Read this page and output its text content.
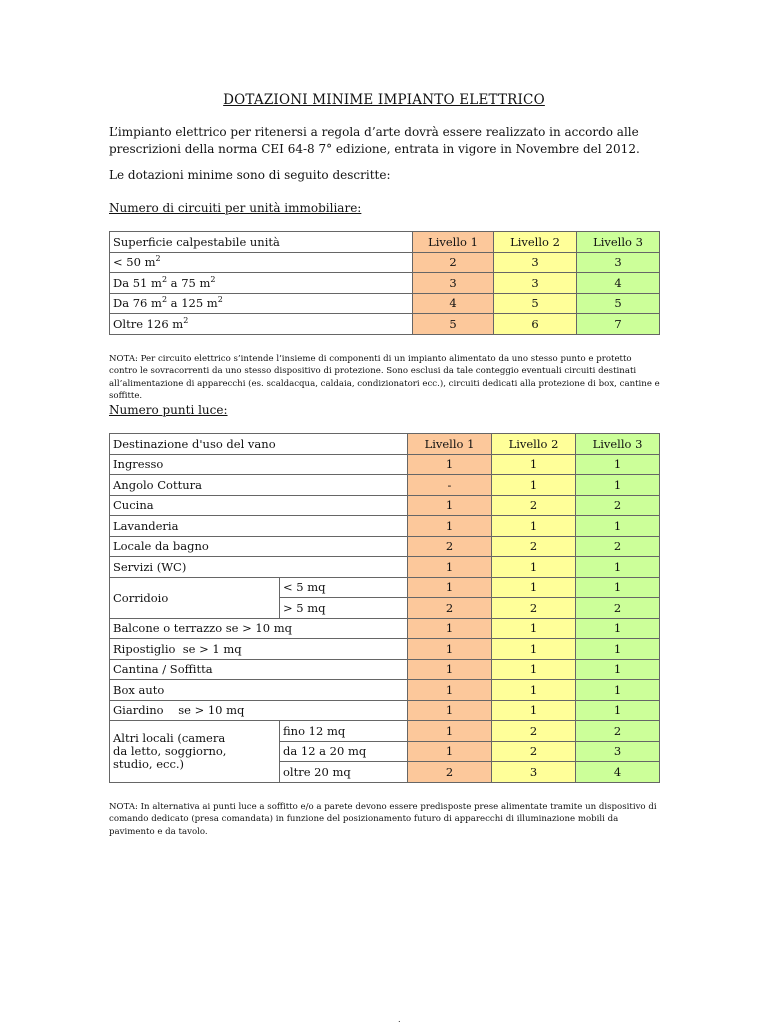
DOTAZIONI MINIME IMPIANTO ELETTRICO

L’impianto elettrico per ritenersi a regola d’arte dovrà essere realizzato in accordo alle prescrizioni della norma CEI 64-8 7° edizione, entrata in vigore in Novembre del 2012.

Le dotazioni minime sono di seguito descritte:

Numero di circuiti per unità immobiliare:

Superficie calpestabile unità	Livello 1	Livello 2	Livello 3
< 50 $m^2$	2	3	3
Da 51 $m^2$ a 75 $m^2$	3	3	4
Da 76 $m^2$ a 125 $m^2$	4	5	5
Oltre 126 $m^2$	5	6	7

NOTA: Per circuito elettrico s’intende l’insieme di componenti di un impianto alimentato da uno stesso punto e protetto contro le sovracorrenti da uno stesso dispositivo di protezione. Sono esclusi da tale conteggio eventuali circuiti destinati all’alimentazione di apparecchi (es. scaldacqua, caldaia, condizionatori ecc.), circuiti dedicati alla protezione di box, cantine e soffitte.

Numero punti luce:

Destinazione d'uso del vano		Livello 1	Livello 2	Livello 3
Ingresso		1	1	1
Angolo Cottura		-	1	1
Cucina		1	2	2
Lavanderia		1	1	1
Locale da bagno		2	2	2
Servizi (WC)		1	1	1
Corridoio	< 5 mq	1	1	1
	> 5 mq	2	2	2
Balcone o terrazzo se > 10 mq		1	1	1
Ripostiglio  se > 1 mq		1	1	1
Cantina / Soffitta		1	1	1
Box auto		1	1	1
Giardino    se > 10 mq		1	1	1

Altri locali (camera
da letto, soggiorno,
studio, ecc.)	fino 12 mq	1	2	2
	da 12 a 20 mq	1	2	3
	oltre 20 mq	2	3	4

NOTA: In alternativa ai punti luce a soffitto e/o a parete devono essere predisposte prese alimentate tramite un dispositivo di comando dedicato (presa comandata) in funzione del posizionamento futuro di apparecchi di illuminazione mobili da pavimento e da tavolo.

.
